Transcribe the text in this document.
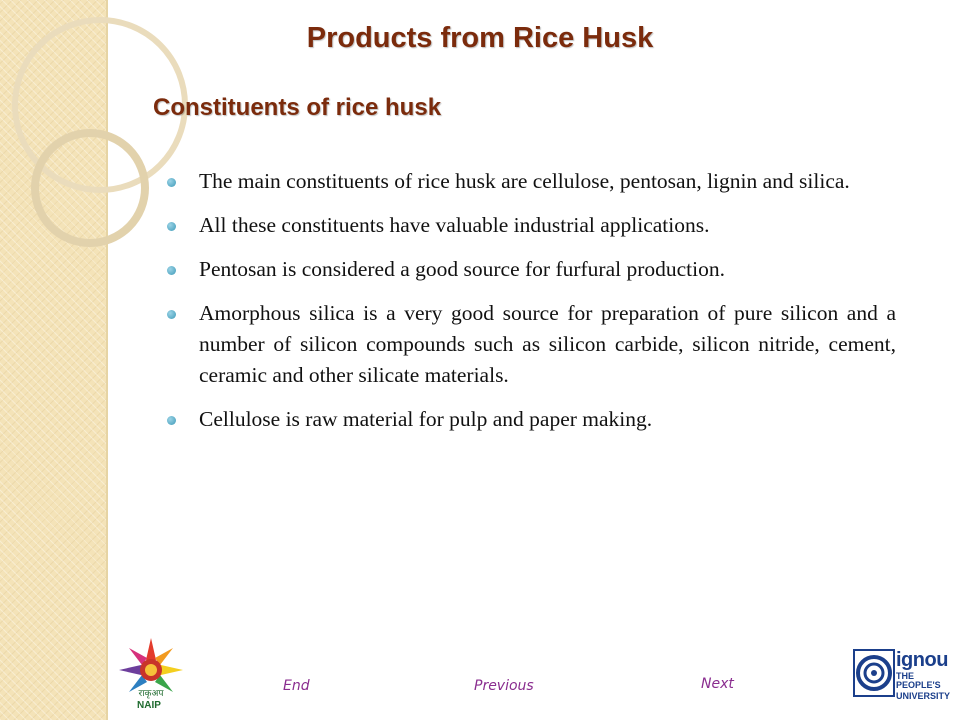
Products from Rice Husk
Constituents of rice husk
The main constituents of rice husk are cellulose, pentosan, lignin and silica.
All these constituents have valuable industrial applications.
Pentosan is considered a good source for furfural production.
Amorphous silica is a very good source for preparation of pure silicon and a number of silicon compounds such as silicon carbide, silicon nitride, cement, ceramic and other silicate materials.
Cellulose is raw material for pulp and paper making.
राकृअप
NAIP
End	Previous	Next
ignou
THE PEOPLE'S
UNIVERSITY
